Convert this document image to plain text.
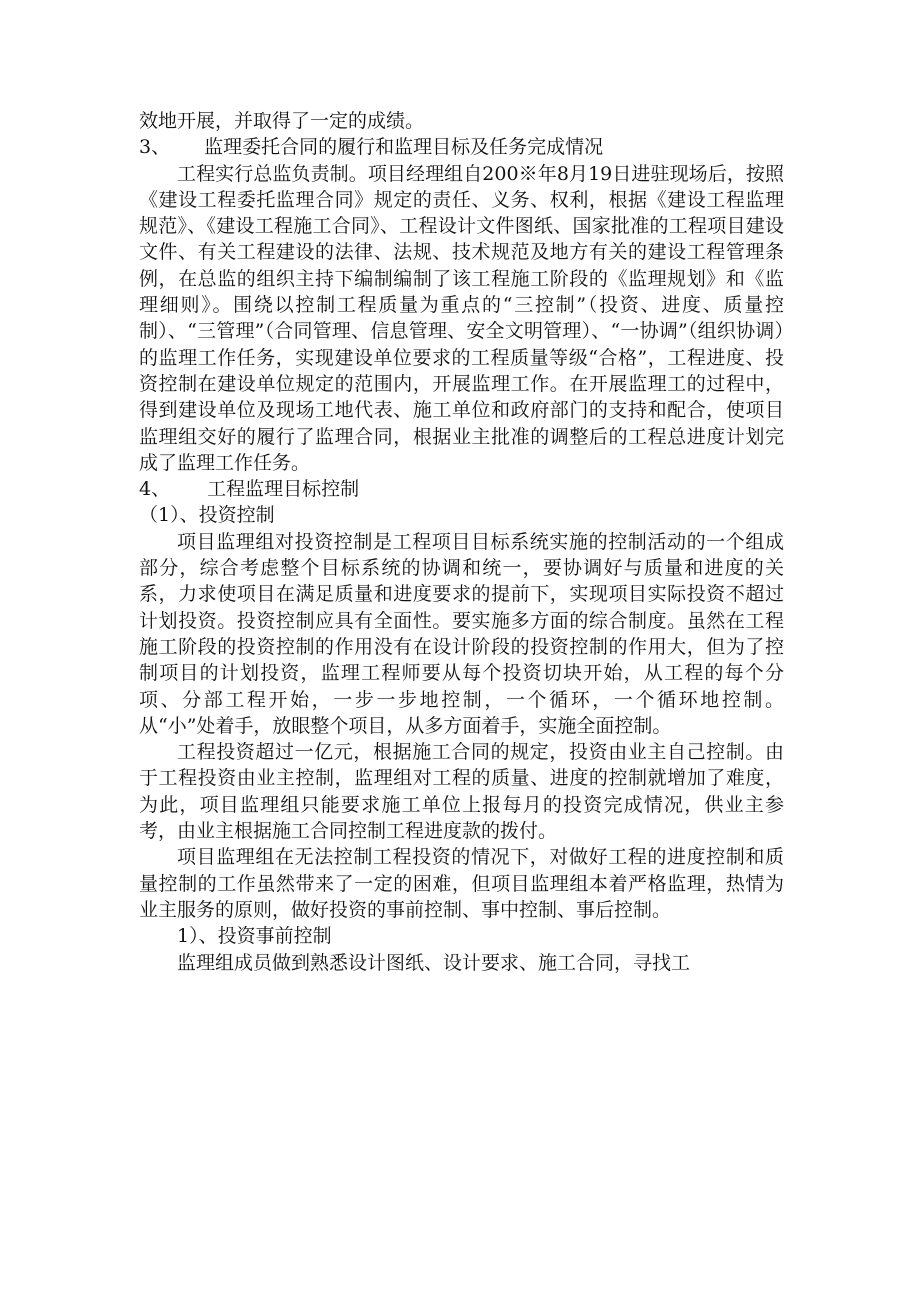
效地开展，并取得了一定的成绩。

3、 监理委托合同的履行和监理目标及任务完成情况

工程实行总监负责制。项目经理组自200※年8月19日进驻现场后，按照《建设工程委托监理合同》规定的责任、义务、权利，根据《建设工程监理规范》、《建设工程施工合同》、工程设计文件图纸、国家批准的工程项目建设文件、有关工程建设的法律、法规、技术规范及地方有关的建设工程管理条例，在总监的组织主持下编制编制了该工程施工阶段的《监理规划》和《监理细则》。围绕以控制工程质量为重点的“三控制”（投资、进度、质量控制）、“三管理”（合同管理、信息管理、安全文明管理）、“一协调”（组织协调）的监理工作任务，实现建设单位要求的工程质量等级“合格”，工程进度、投资控制在建设单位规定的范围内，开展监理工作。在开展监理工的过程中，得到建设单位及现场工地代表、施工单位和政府部门的支持和配合，使项目监理组交好的履行了监理合同，根据业主批准的调整后的工程总进度计划完成了监理工作任务。

4、 工程监理目标控制

（1）、投资控制

项目监理组对投资控制是工程项目目标系统实施的控制活动的一个组成部分，综合考虑整个目标系统的协调和统一，要协调好与质量和进度的关系，力求使项目在满足质量和进度要求的提前下，实现项目实际投资不超过计划投资。投资控制应具有全面性。要实施多方面的综合制度。虽然在工程施工阶段的投资控制的作用没有在设计阶段的投资控制的作用大，但为了控制项目的计划投资，监理工程师要从每个投资切块开始，从工程的每个分项、分部工程开始，一步一步地控制，一个循环，一个循环地控制。从“小”处着手，放眼整个项目，从多方面着手，实施全面控制。

工程投资超过一亿元，根据施工合同的规定，投资由业主自己控制。由于工程投资由业主控制，监理组对工程的质量、进度的控制就增加了难度，为此，项目监理组只能要求施工单位上报每月的投资完成情况，供业主参考，由业主根据施工合同控制工程进度款的拨付。

项目监理组在无法控制工程投资的情况下，对做好工程的进度控制和质量控制的工作虽然带来了一定的困难，但项目监理组本着严格监理，热情为业主服务的原则，做好投资的事前控制、事中控制、事后控制。

1）、投资事前控制

监理组成员做到熟悉设计图纸、设计要求、施工合同，寻找工
